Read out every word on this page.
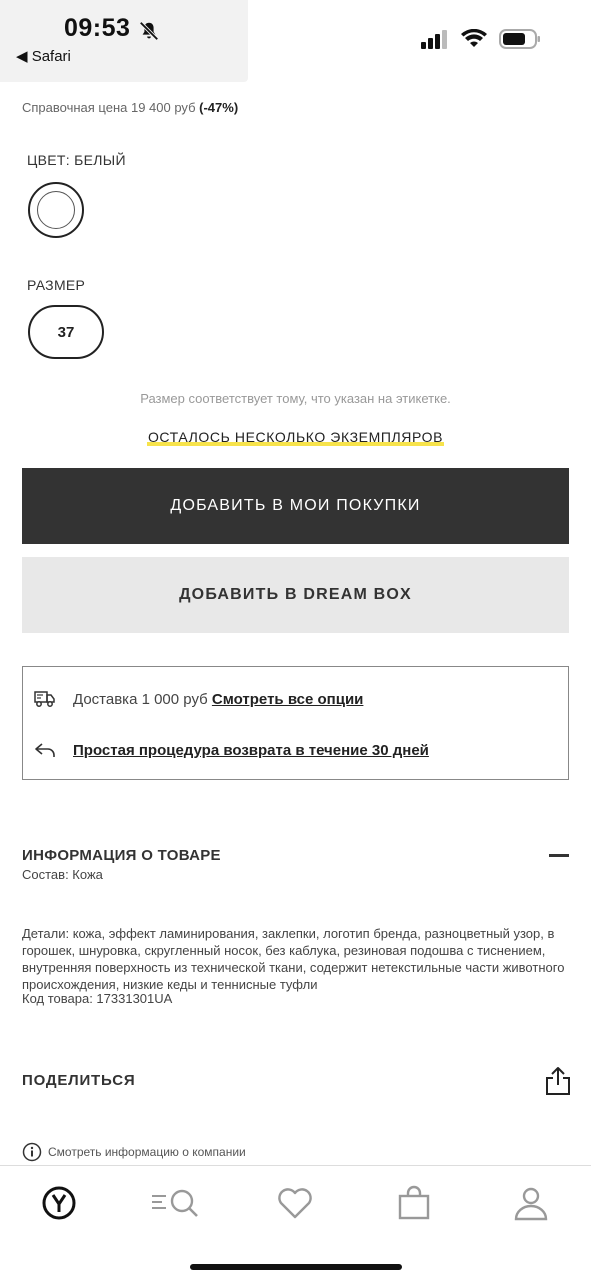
09:53
◀ Safari
Справочная цена 19 400 руб (-47%)
ЦВЕТ: БЕЛЫЙ
РАЗМЕР
37
Размер соответствует тому, что указан на этикетке.
ОСТАЛОСЬ НЕСКОЛЬКО ЭКЗЕМПЛЯРОВ
ДОБАВИТЬ В МОИ ПОКУПКИ
ДОБАВИТЬ В DREAM BOX
Доставка 1 000 руб
Смотреть все опции
Простая процедура возврата в течение 30 дней
ИНФОРМАЦИЯ О ТОВАРЕ
Состав: Кожа
Детали: кожа, эффект ламинирования, заклепки, логотип бренда, разноцветный узор, в горошек, шнуровка, скругленный носок, без каблука, резиновая подошва с тиснением, внутренняя поверхность из технической ткани, содержит нетекстильные части животного происхождения, низкие кеды и теннисные туфли
Код товара: 17331301UA
ПОДЕЛИТЬСЯ
Смотреть информацию о компании
